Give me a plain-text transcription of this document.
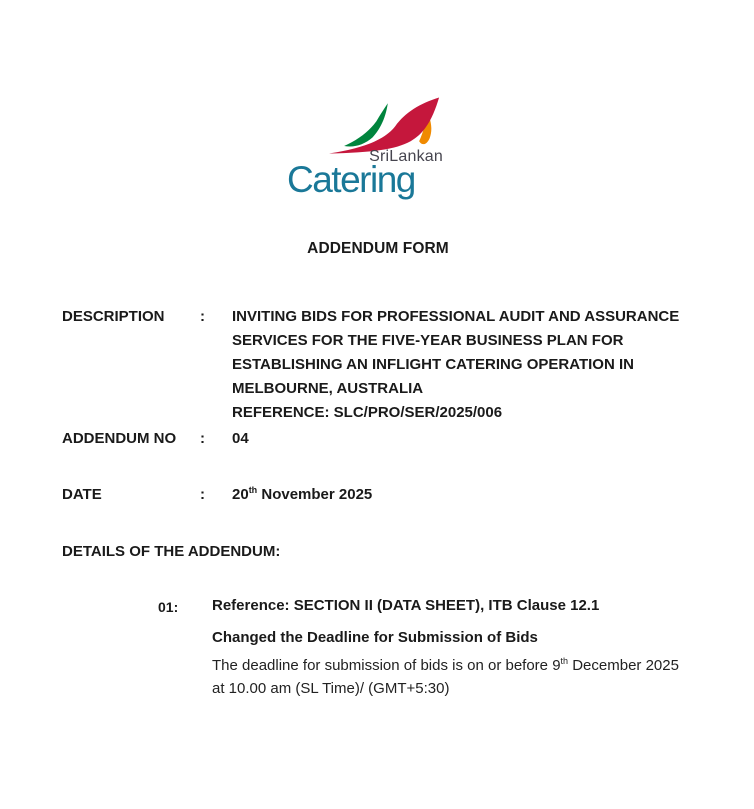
SriLankan
Catering
ADDENDUM FORM
DESCRIPTION	:	INVITING BIDS FOR PROFESSIONAL AUDIT AND ASSURANCE SERVICES FOR THE FIVE-YEAR BUSINESS PLAN FOR ESTABLISHING AN INFLIGHT CATERING OPERATION IN MELBOURNE, AUSTRALIA
REFERENCE: SLC/PRO/SER/2025/006
ADDENDUM NO	:	04
DATE	:	20th November 2025
DETAILS OF THE ADDENDUM:
01:	Reference: SECTION II (DATA SHEET), ITB Clause 12.1
Changed the Deadline for Submission of Bids
The deadline for submission of bids is on or before 9th December 2025 at 10.00 am (SL Time)/ (GMT+5:30)
